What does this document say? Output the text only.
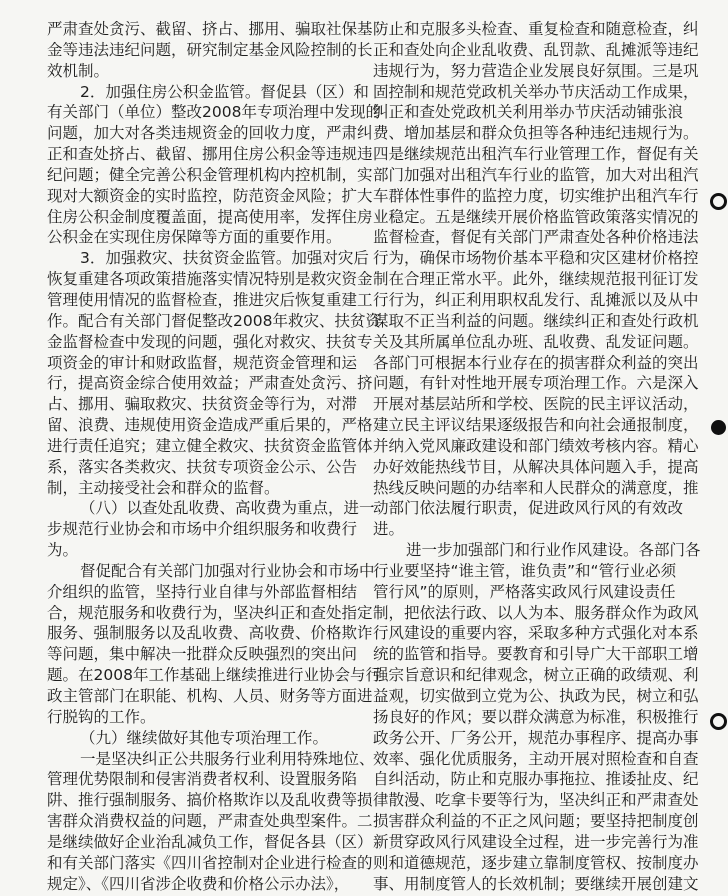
严肃查处贪污、截留、挤占、挪用、骗取社保基
金等违法违纪问题，研究制定基金风险控制的长
效机制。
2．加强住房公积金监管。督促县（区）和
有关部门（单位）整改2008年专项治理中发现的
问题，加大对各类违规资金的回收力度，严肃纠
正和查处挤占、截留、挪用住房公积金等违规违
纪问题；健全完善公积金管理机构内控机制，实
现对大额资金的实时监控，防范资金风险；扩大
住房公积金制度覆盖面，提高使用率，发挥住房
公积金在实现住房保障等方面的重要作用。
3．加强救灾、扶贫资金监管。加强对灾后
恢复重建各项政策措施落实情况特别是救灾资金
管理使用情况的监督检查，推进灾后恢复重建工
作。配合有关部门督促整改2008年救灾、扶贫资
金监督检查中发现的问题，强化对救灾、扶贫专
项资金的审计和财政监督，规范资金管理和运
行，提高资金综合使用效益；严肃查处贪污、挤
占、挪用、骗取救灾、扶贫资金等行为，对滞
留、浪费、违规使用资金造成严重后果的，严格
进行责任追究；建立健全救灾、扶贫资金监管体
系，落实各类救灾、扶贫专项资金公示、公告
制，主动接受社会和群众的监督。
（八）以查处乱收费、高收费为重点，进一
步规范行业协会和市场中介组织服务和收费行
为。
督促配合有关部门加强对行业协会和市场中
介组织的监管，坚持行业自律与外部监督相结
合，规范服务和收费行为，坚决纠正和查处指定
服务、强制服务以及乱收费、高收费、价格欺诈
等问题，集中解决一批群众反映强烈的突出问
题。在2008年工作基础上继续推进行业协会与行
政主管部门在职能、机构、人员、财务等方面进
行脱钩的工作。
（九）继续做好其他专项治理工作。
一是坚决纠正公共服务行业利用特殊地位、
管理优势限制和侵害消费者权利、设置服务陷
阱、推行强制服务、搞价格欺诈以及乱收费等损
害群众消费权益的问题，严肃查处典型案件。二
是继续做好企业治乱减负工作，督促各县（区）
和有关部门落实《四川省控制对企业进行检查的
规定》、《四川省涉企收费和价格公示办法》，
防止和克服多头检查、重复检查和随意检查，纠
正和查处向企业乱收费、乱罚款、乱摊派等违纪
违规行为，努力营造企业发展良好氛围。三是巩
固控制和规范党政机关举办节庆活动工作成果，
纠正和查处党政机关利用举办节庆活动铺张浪
费、增加基层和群众负担等各种违纪违规行为。
四是继续规范出租汽车行业管理工作，督促有关
部门加强对出租汽车行业的监管，加大对出租汽
车群体性事件的监控力度，切实维护出租汽车行
业稳定。五是继续开展价格监管政策落实情况的
监督检查，督促有关部门严肃查处各种价格违法
行为，确保市场物价基本平稳和灾区建材价格控
制在合理正常水平。此外，继续规范报刊征订发
行行为，纠正利用职权乱发行、乱摊派以及从中
谋取不正当利益的问题。继续纠正和查处行政机
关及其所属单位乱办班、乱收费、乱发证问题。
各部门可根据本行业存在的损害群众利益的突出
问题，有针对性地开展专项治理工作。六是深入
开展对基层站所和学校、医院的民主评议活动，
建立民主评议结果逐级报告和向社会通报制度，
并纳入党风廉政建设和部门绩效考核内容。精心
办好效能热线节目，从解决具体问题入手，提高
热线反映问题的办结率和人民群众的满意度，推
动部门依法履行职责，促进政风行风的有效改
进。
进一步加强部门和行业作风建设。各部门各
行业要坚持“谁主管，谁负责”和“管行业必须
管行风”的原则，严格落实政风行风建设责任
制，把依法行政、以人为本、服务群众作为政风
行风建设的重要内容，采取多种方式强化对本系
统的监管和指导。要教育和引导广大干部职工增
强宗旨意识和纪律观念，树立正确的政绩观、利
益观，切实做到立党为公、执政为民，树立和弘
扬良好的作风；要以群众满意为标准，积极推行
政务公开、厂务公开，规范办事程序、提高办事
效率、强化优质服务，主动开展对照检查和自查
自纠活动，防止和克服办事拖拉、推诿扯皮、纪
律散漫、吃拿卡要等行为，坚决纠正和严肃查处
损害群众利益的不正之风问题；要坚持把制度创
新贯穿政风行风建设全过程，进一步完善行为准
则和道德规范，逐步建立靠制度管权、按制度办
事、用制度管人的长效机制；要继续开展创建文
